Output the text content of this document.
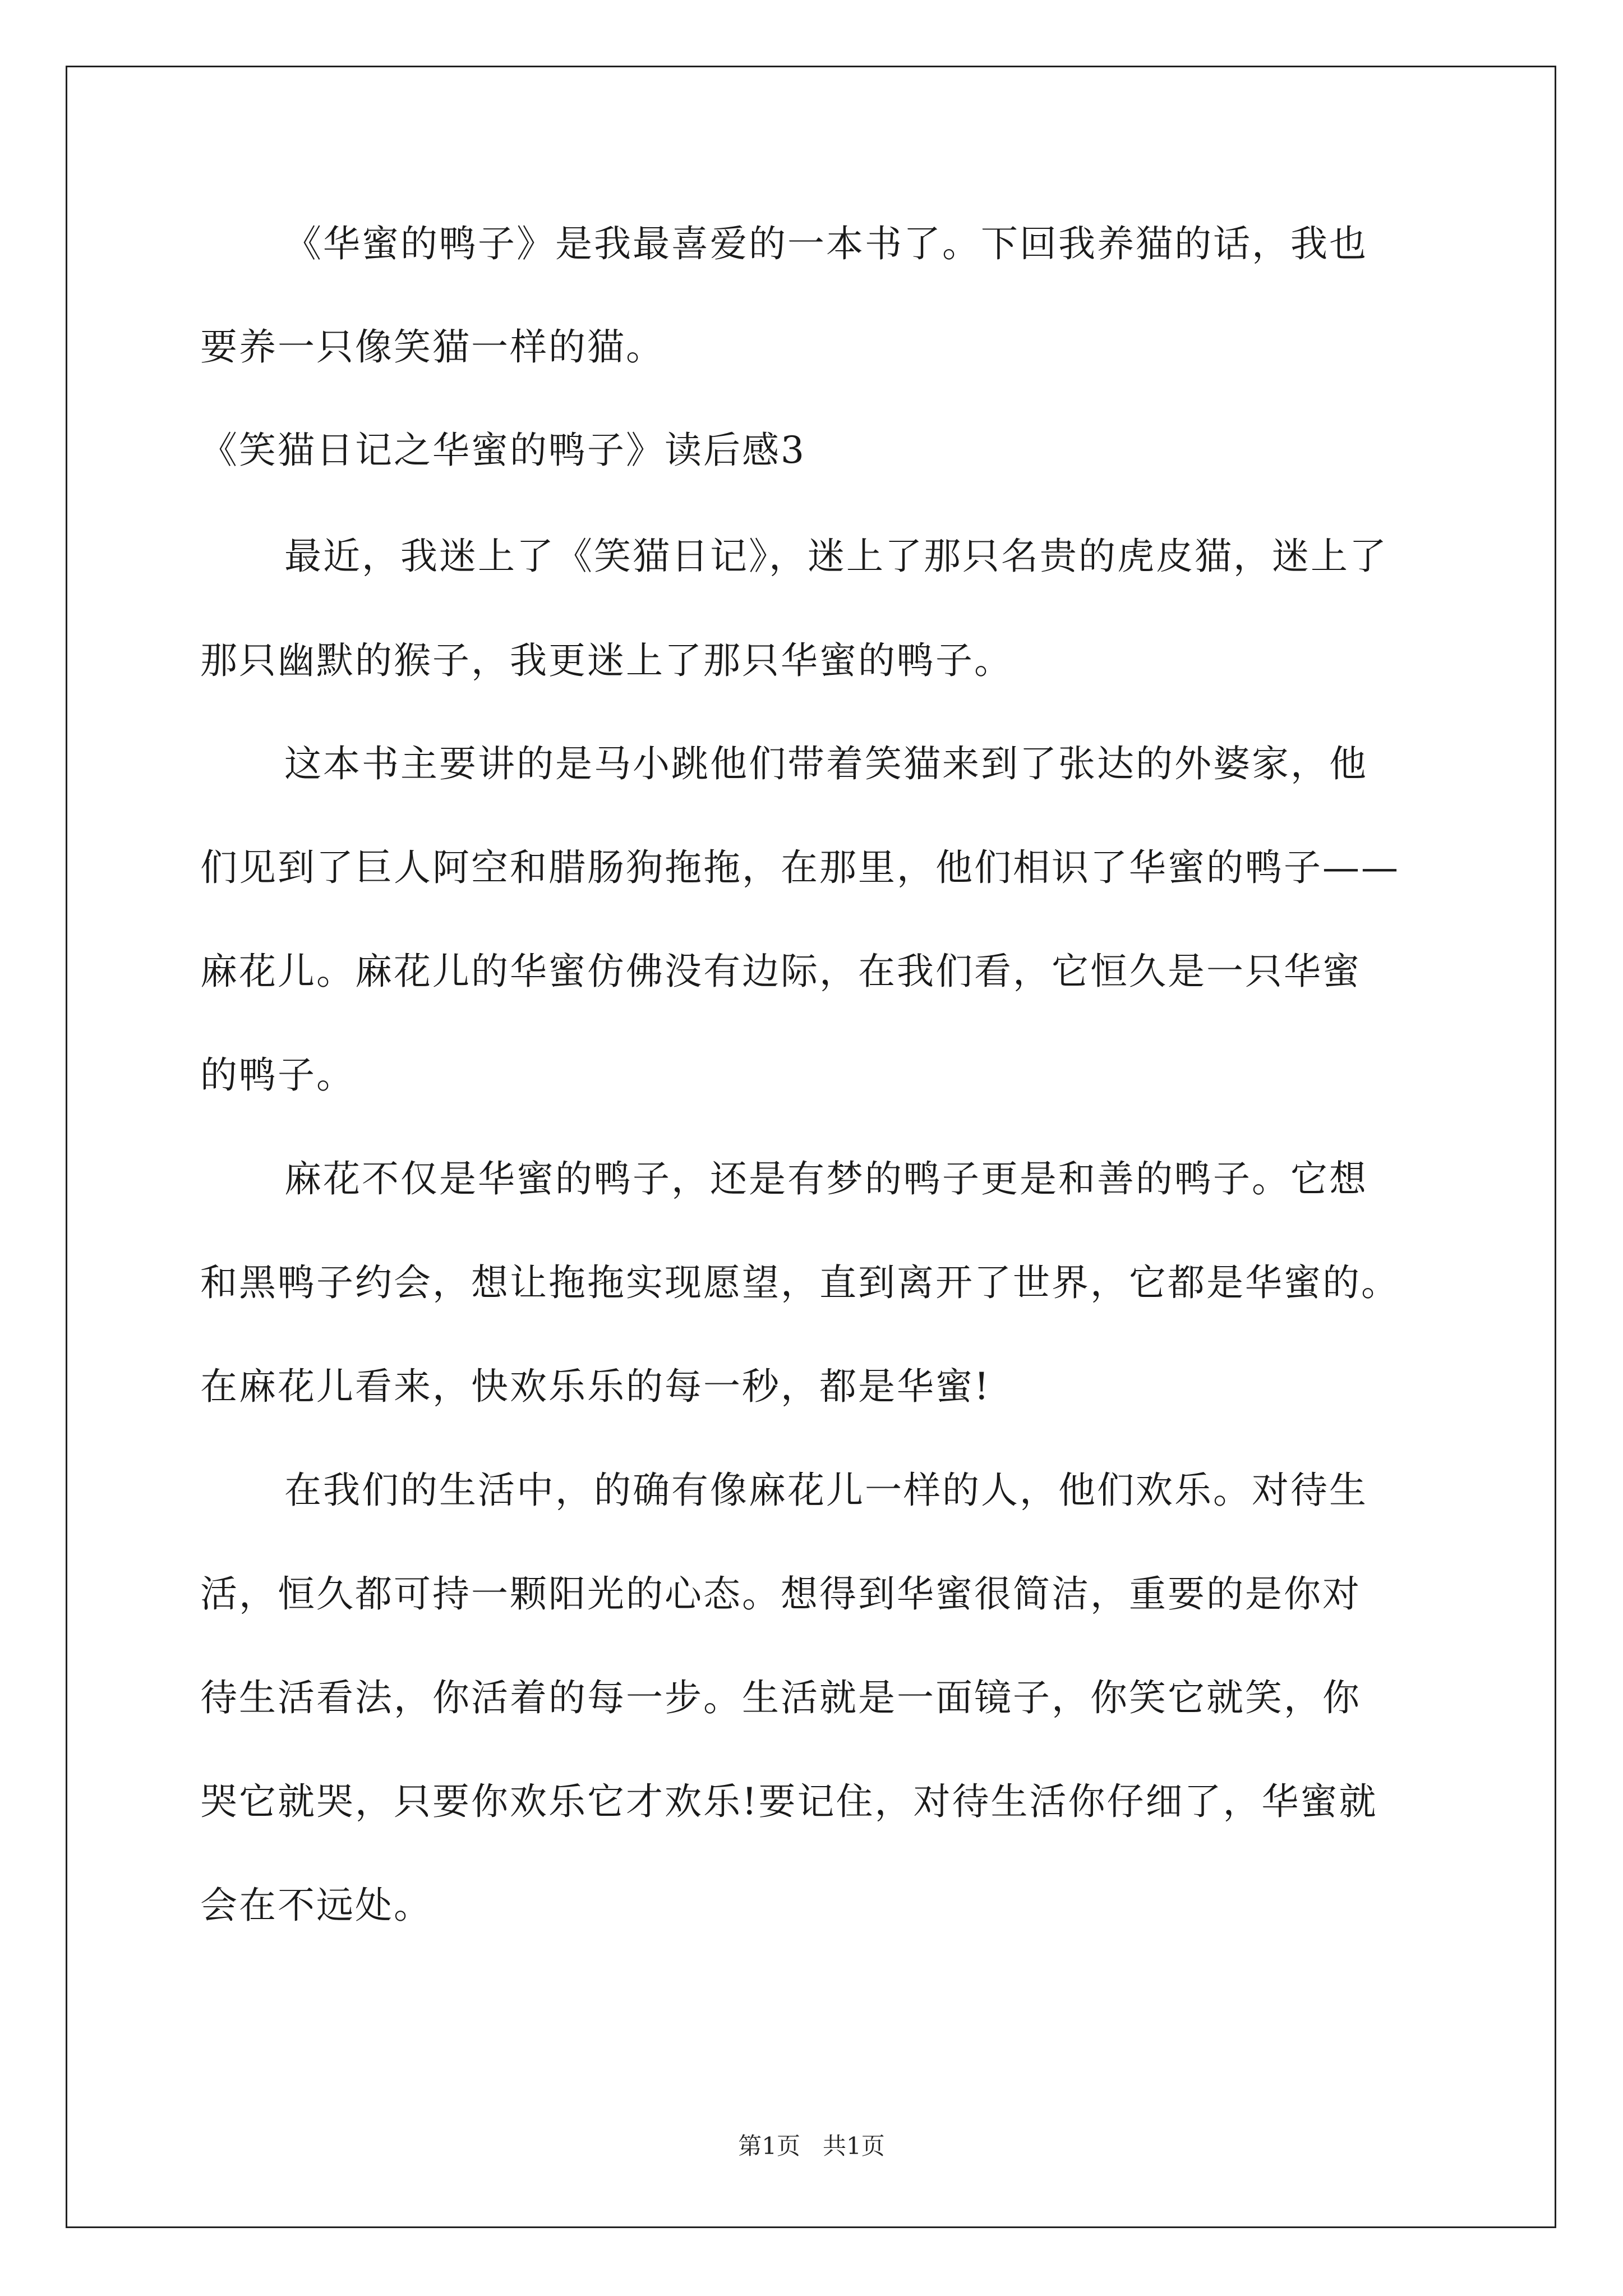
《华蜜的鸭子》是我最喜爱的一本书了。下回我养猫的话，我也
要养一只像笑猫一样的猫。
《笑猫日记之华蜜的鸭子》读后感3
最近，我迷上了《笑猫日记》，迷上了那只名贵的虎皮猫，迷上了
那只幽默的猴子，我更迷上了那只华蜜的鸭子。
这本书主要讲的是马小跳他们带着笑猫来到了张达的外婆家，他
们见到了巨人阿空和腊肠狗拖拖，在那里，他们相识了华蜜的鸭子——
麻花儿。麻花儿的华蜜仿佛没有边际，在我们看，它恒久是一只华蜜
的鸭子。
麻花不仅是华蜜的鸭子，还是有梦的鸭子更是和善的鸭子。它想
和黑鸭子约会，想让拖拖实现愿望，直到离开了世界，它都是华蜜的。
在麻花儿看来，快欢乐乐的每一秒，都是华蜜!
在我们的生活中，的确有像麻花儿一样的人，他们欢乐。对待生
活，恒久都可持一颗阳光的心态。想得到华蜜很简洁，重要的是你对
待生活看法，你活着的每一步。生活就是一面镜子，你笑它就笑，你
哭它就哭，只要你欢乐它才欢乐!要记住，对待生活你仔细了，华蜜就
会在不远处。
第1页   共1页
